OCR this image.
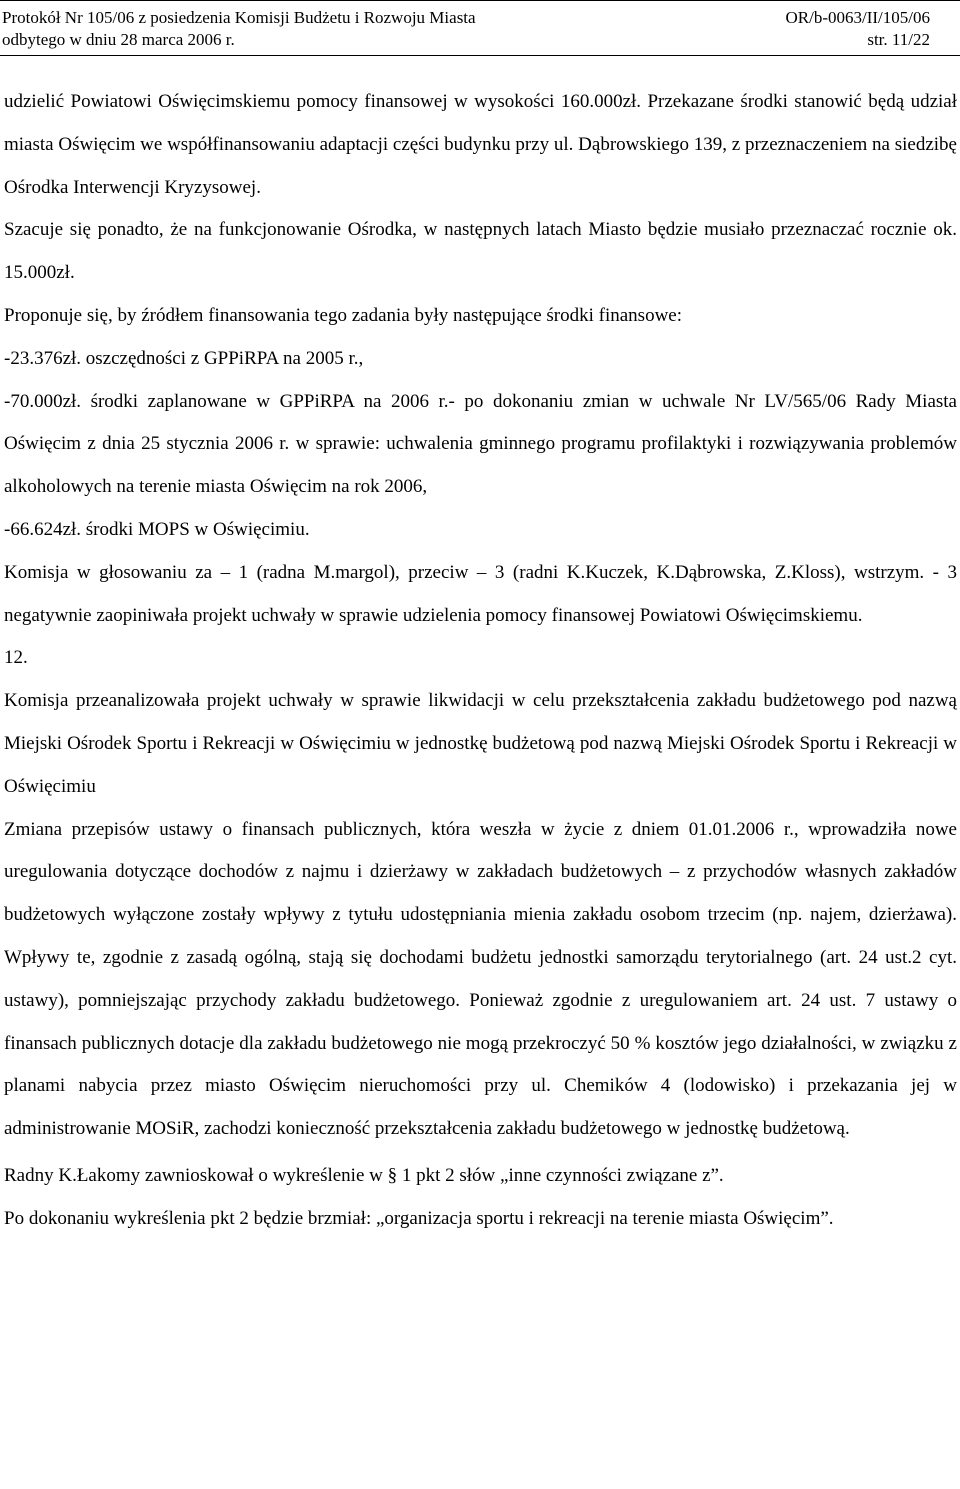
Protokół Nr 105/06 z posiedzenia Komisji Budżetu i Rozwoju Miasta
odbytego w dniu 28 marca 2006 r.
OR/b-0063/II/105/06
str. 11/22

udzielić Powiatowi Oświęcimskiemu pomocy finansowej w wysokości 160.000zł. Przekazane środki stanowić będą udział miasta Oświęcim we współfinansowaniu adaptacji części budynku przy ul. Dąbrowskiego 139, z przeznaczeniem na siedzibę Ośrodka Interwencji Kryzysowej.

Szacuje się ponadto, że na funkcjonowanie Ośrodka, w następnych latach Miasto będzie musiało przeznaczać rocznie ok. 15.000zł.

Proponuje się, by źródłem finansowania tego zadania były następujące środki finansowe:

-23.376zł. oszczędności z GPPiRPA na 2005 r.,

-70.000zł. środki zaplanowane w GPPiRPA na 2006 r.- po dokonaniu zmian w uchwale Nr LV/565/06 Rady Miasta Oświęcim z dnia 25 stycznia 2006 r. w sprawie: uchwalenia gminnego programu profilaktyki i rozwiązywania problemów alkoholowych na terenie miasta Oświęcim na rok 2006,

-66.624zł. środki MOPS w Oświęcimiu.

Komisja w głosowaniu za – 1 (radna M.margol), przeciw – 3 (radni K.Kuczek, K.Dąbrowska, Z.Kloss), wstrzym. - 3 negatywnie zaopiniwała projekt uchwały w sprawie udzielenia pomocy finansowej Powiatowi Oświęcimskiemu.

12.

Komisja przeanalizowała projekt uchwały w sprawie likwidacji w celu przekształcenia zakładu budżetowego pod nazwą Miejski Ośrodek Sportu i Rekreacji w Oświęcimiu w jednostkę budżetową pod nazwą Miejski Ośrodek Sportu i Rekreacji w Oświęcimiu

Zmiana przepisów ustawy o finansach publicznych, która weszła w życie z dniem 01.01.2006 r., wprowadziła nowe uregulowania dotyczące dochodów z najmu i dzierżawy w zakładach budżetowych – z przychodów własnych zakładów budżetowych wyłączone zostały wpływy z tytułu udostępniania mienia zakładu osobom trzecim (np. najem, dzierżawa). Wpływy te, zgodnie z zasadą ogólną, stają się dochodami budżetu jednostki samorządu terytorialnego (art. 24 ust.2 cyt. ustawy), pomniejszając przychody zakładu budżetowego. Ponieważ zgodnie z uregulowaniem art. 24 ust. 7 ustawy o finansach publicznych dotacje dla zakładu budżetowego nie mogą przekroczyć 50 % kosztów jego działalności, w związku z planami nabycia przez miasto Oświęcim nieruchomości przy ul. Chemików 4 (lodowisko) i przekazania jej w administrowanie MOSiR, zachodzi konieczność przekształcenia zakładu budżetowego w jednostkę budżetową.

Radny K.Łakomy zawnioskował o wykreślenie w § 1 pkt 2 słów „inne czynności związane z”.

Po dokonaniu wykreślenia pkt 2 będzie brzmiał: „organizacja sportu i rekreacji na terenie miasta Oświęcim”.
